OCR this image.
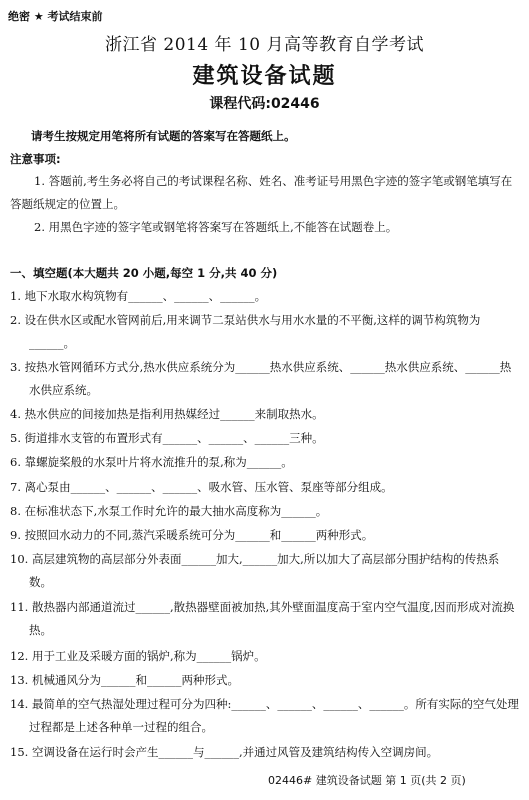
绝密 ★ 考试结束前
浙江省 2014 年 10 月高等教育自学考试
建筑设备试题
课程代码:02446
请考生按规定用笔将所有试题的答案写在答题纸上。
注意事项:
1. 答题前,考生务必将自己的考试课程名称、姓名、准考证号用黑色字迹的签字笔或钢笔填写在答题纸规定的位置上。
2. 用黑色字迹的签字笔或钢笔将答案写在答题纸上,不能答在试题卷上。
一、填空题(本大题共 20 小题,每空 1 分,共 40 分)
1. 地下水取水构筑物有______、______、______。
2. 设在供水区或配水管网前后,用来调节二泵站供水与用水水量的不平衡,这样的调节构筑物为______。
3. 按热水管网循环方式分,热水供应系统分为______热水供应系统、______热水供应系统、______热水供应系统。
4. 热水供应的间接加热是指利用热媒经过______来制取热水。
5. 街道排水支管的布置形式有______、______、______三种。
6. 靠螺旋桨般的水泵叶片将水流推升的泵,称为______。
7. 离心泵由______、______、______、吸水管、压水管、泵座等部分组成。
8. 在标准状态下,水泵工作时允许的最大抽水高度称为______。
9. 按照回水动力的不同,蒸汽采暖系统可分为______和______两种形式。
10. 高层建筑物的高层部分外表面______加大,______加大,所以加大了高层部分围护结构的传热系数。
11. 散热器内部通道流过______,散热器壁面被加热,其外壁面温度高于室内空气温度,因而形成对流换热。
12. 用于工业及采暖方面的锅炉,称为______锅炉。
13. 机械通风分为______和______两种形式。
14. 最简单的空气热湿处理过程可分为四种:______、______、______、______。所有实际的空气处理过程都是上述各种单一过程的组合。
15. 空调设备在运行时会产生______与______,并通过风管及建筑结构传入空调房间。
02446# 建筑设备试题 第 1 页(共 2 页)
